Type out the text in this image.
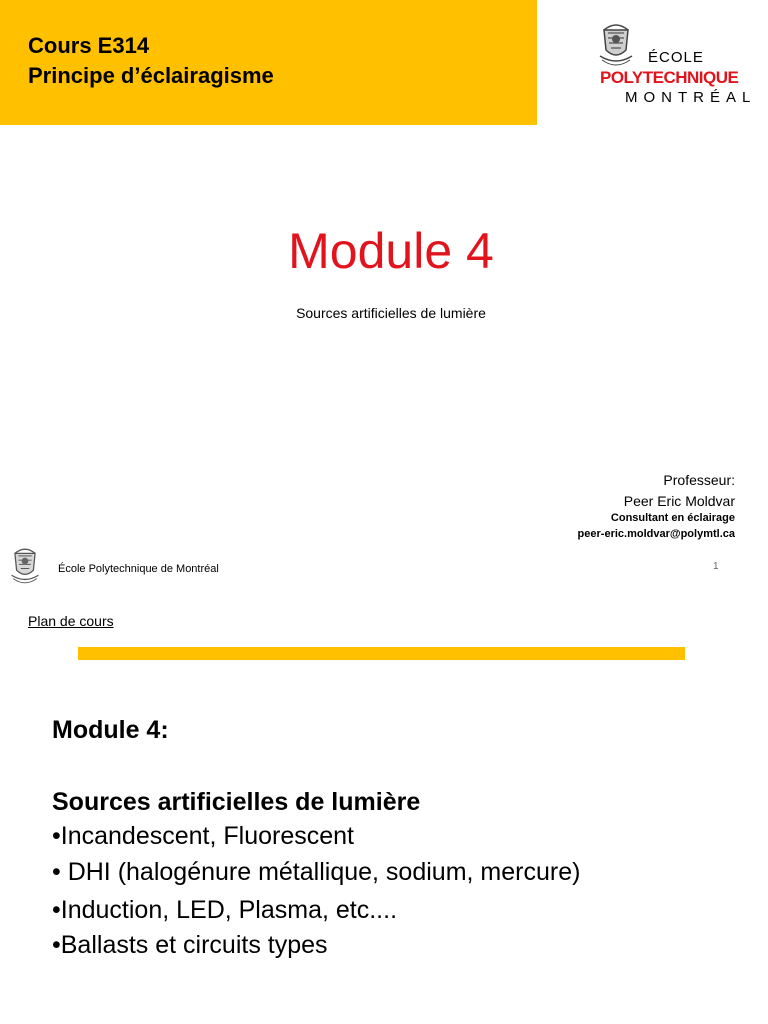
Cours E314
Principe d’éclairagisme
ÉCOLE
POLYTECHNIQUE
MONTRÉAL
Module 4
Sources artificielles de lumière
Professeur:
Peer Eric Moldvar
Consultant en éclairage
peer-eric.moldvar@polymtl.ca
École Polytechnique de Montréal	1
Plan de cours
Module 4:
Sources artificielles de lumière
•Incandescent, Fluorescent
• DHI (halogénure métallique, sodium, mercure)
•Induction, LED, Plasma, etc....
•Ballasts et circuits types
